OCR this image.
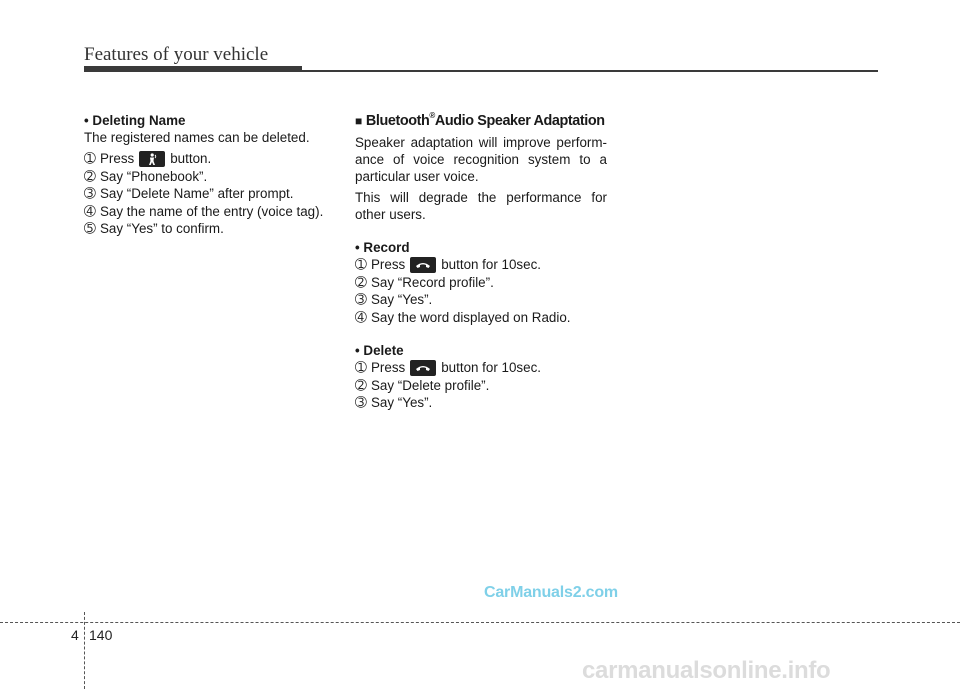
Features of your vehicle
• Deleting Name
The registered names can be deleted.
➀ Press	button.
➁ Say “Phonebook”.
➂ Say “Delete Name” after prompt.
➃ Say the name of the entry (voice tag).
➄ Say “Yes” to confirm.
■ Bluetooth® Audio Speaker Adaptation
Speaker adaptation will improve perform-
ance of voice recognition system to a
particular user voice.
This will degrade the performance for
other users.
• Record
➀ Press	button for 10sec.
➁ Say “Record profile”.
➂ Say “Yes”.
➃ Say the word displayed on Radio.
• Delete
➀ Press	button for 10sec.
➁ Say “Delete profile”.
➂ Say “Yes”.
CarManuals2.com
carmanualsonline.info
4 140
